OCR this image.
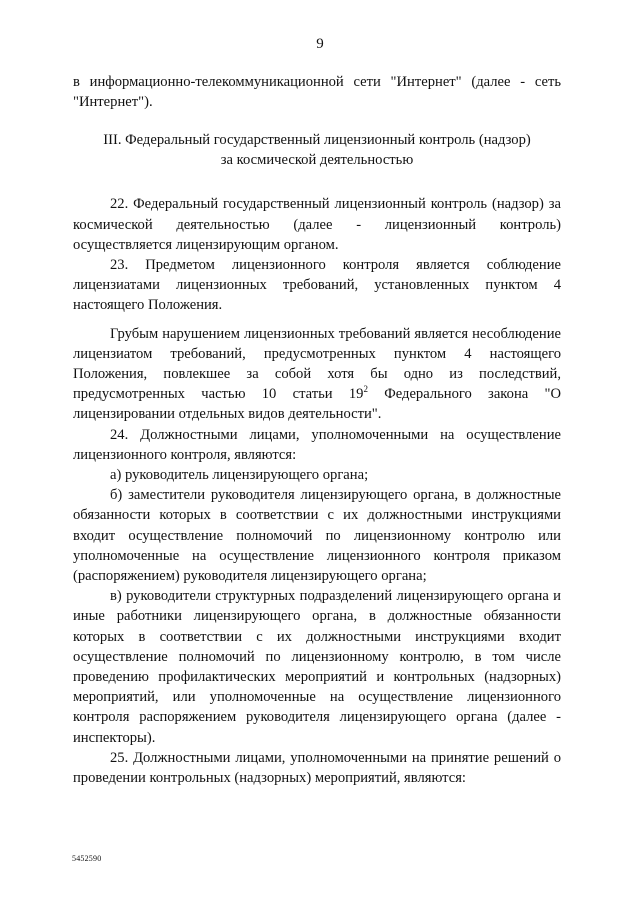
9

в информационно-телекоммуникационной сети "Интернет" (далее - сеть "Интернет").

III. Федеральный государственный лицензионный контроль (надзор)
за космической деятельностью

22. Федеральный государственный лицензионный контроль (надзор) за космической деятельностью (далее - лицензионный контроль) осуществляется лицензирующим органом.

23. Предметом лицензионного контроля является соблюдение лицензиатами лицензионных требований, установленных пунктом 4 настоящего Положения.

Грубым нарушением лицензионных требований является несоблюдение лицензиатом требований, предусмотренных пунктом 4 настоящего Положения, повлекшее за собой хотя бы одно из последствий, предусмотренных частью 10 статьи $19^2$ Федерального закона "О лицензировании отдельных видов деятельности".

24. Должностными лицами, уполномоченными на осуществление лицензионного контроля, являются:

а) руководитель лицензирующего органа;

б) заместители руководителя лицензирующего органа, в должностные обязанности которых в соответствии с их должностными инструкциями входит осуществление полномочий по лицензионному контролю или уполномоченные на осуществление лицензионного контроля приказом (распоряжением) руководителя лицензирующего органа;

в) руководители структурных подразделений лицензирующего органа и иные работники лицензирующего органа, в должностные обязанности которых в соответствии с их должностными инструкциями входит осуществление полномочий по лицензионному контролю, в том числе проведению профилактических мероприятий и контрольных (надзорных) мероприятий, или уполномоченные на осуществление лицензионного контроля распоряжением руководителя лицензирующего органа (далее - инспекторы).

25. Должностными лицами, уполномоченными на принятие решений о проведении контрольных (надзорных) мероприятий, являются:

5452590
